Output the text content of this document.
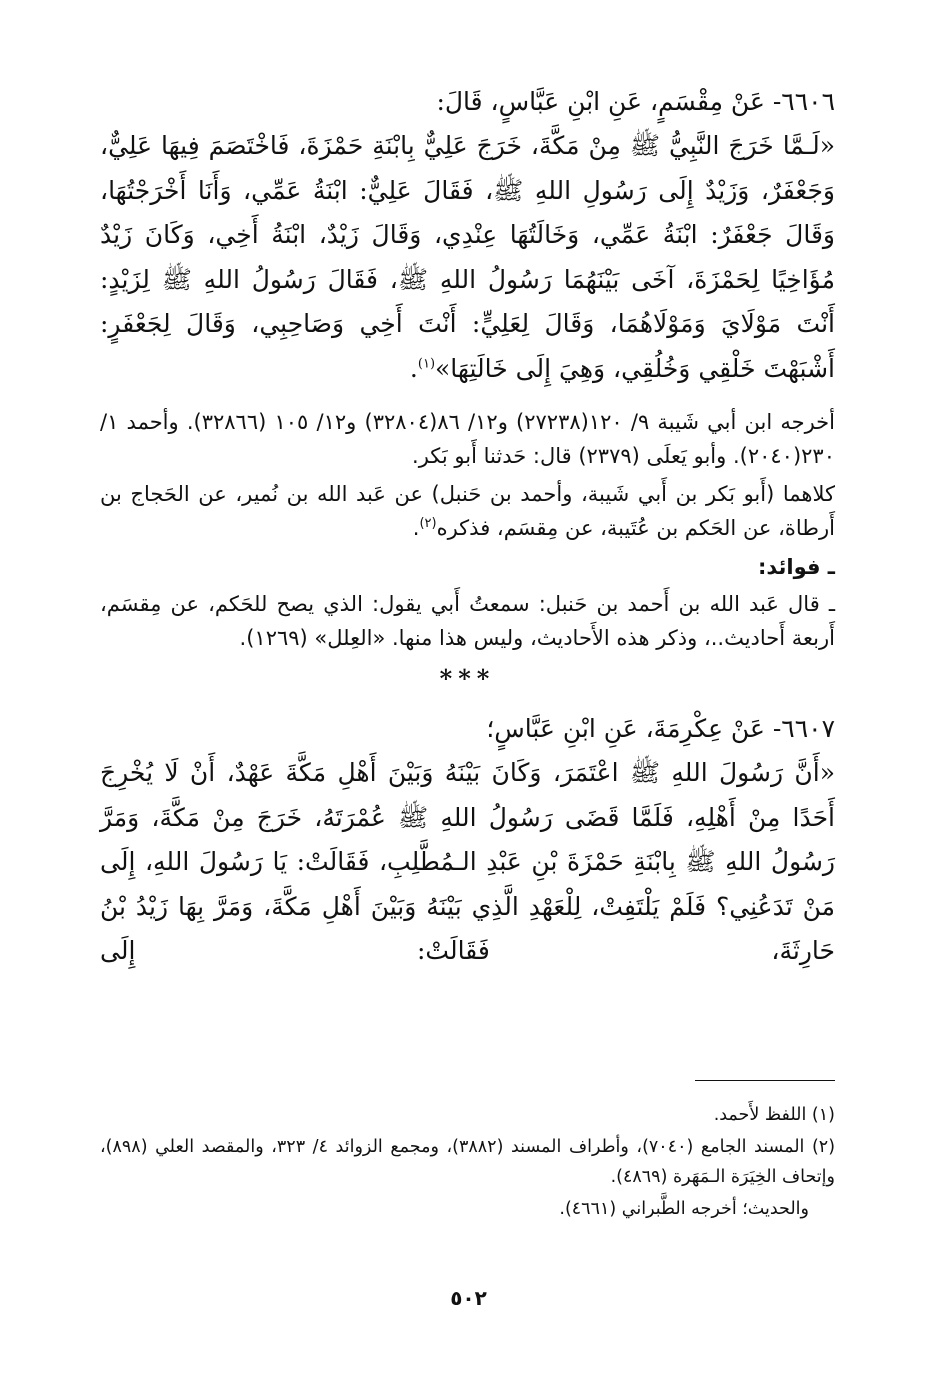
٦٦٠٦- عَنْ مِقْسَمٍ، عَنِ ابْنِ عَبَّاسٍ، قَالَ:

«لَـمَّا خَرَجَ النَّبِيُّ ﷺ مِنْ مَكَّةَ، خَرَجَ عَلِيٌّ بِابْنَةِ حَمْزَةَ، فَاخْتَصَمَ فِيهَا عَلِيٌّ، وَجَعْفَرٌ، وَزَيْدٌ إِلَى رَسُولِ اللهِ ﷺ، فَقَالَ عَلِيٌّ: ابْنَةُ عَمِّي، وَأَنَا أَخْرَجْتُهَا، وَقَالَ جَعْفَرٌ: ابْنَةُ عَمِّي، وَخَالَتُهَا عِنْدِي، وَقَالَ زَيْدٌ، ابْنَةُ أَخِي، وَكَانَ زَيْدٌ مُؤَاخِيًا لِحَمْزَةَ، آخَى بَيْنَهُمَا رَسُولُ اللهِ ﷺ، فَقَالَ رَسُولُ اللهِ ﷺ لِزَيْدٍ: أَنْتَ مَوْلَايَ وَمَوْلَاهُمَا، وَقَالَ لِعَلِيٍّ: أَنْتَ أَخِي وَصَاحِبِي، وَقَالَ لِجَعْفَرٍ: أَشْبَهْتَ خَلْقِي وَخُلُقِي، وَهِيَ إِلَى خَالَتِهَا»$^{(١)}$.

أخرجه ابن أبي شَيبة ٩/ ١٢٠(٢٧٢٣٨) و١٢/ ٨٦(٣٢٨٠٤) و١٢/ ١٠٥ (٣٢٨٦٦). وأحمد ١/ ٢٣٠(٢٠٤٠). وأبو يَعلَى (٢٣٧٩) قال: حَدثنا أَبو بَكر.

كلاهما (أَبو بَكر بن أَبي شَيبة، وأحمد بن حَنبل) عن عَبد الله بن نُمير، عن الحَجاج بن أَرطاة، عن الحَكم بن عُتَيبة، عن مِقسَم، فذكره$^{(٢)}$.

ـ فوائد:

ـ قال عَبد الله بن أَحمد بن حَنبل: سمعتُ أَبي يقول: الذي يصح للحَكم، عن مِقسَم، أَربعة أَحاديث..، وذكر هذه الأَحاديث، وليس هذا منها. «العِلل» (١٢٦٩).

***

٦٦٠٧- عَنْ عِكْرِمَةَ، عَنِ ابْنِ عَبَّاسٍ؛

«أَنَّ رَسُولَ اللهِ ﷺ اعْتَمَرَ، وَكَانَ بَيْنَهُ وَبَيْنَ أَهْلِ مَكَّةَ عَهْدٌ، أَنْ لَا يُخْرِجَ أَحَدًا مِنْ أَهْلِهِ، فَلَمَّا قَضَى رَسُولُ اللهِ ﷺ عُمْرَتَهُ، خَرَجَ مِنْ مَكَّةَ، وَمَرَّ رَسُولُ اللهِ ﷺ بِابْنَةِ حَمْزَةَ بْنِ عَبْدِ الـمُطَّلِبِ، فَقَالَتْ: يَا رَسُولَ اللهِ، إِلَى مَنْ تَدَعُنِي؟ فَلَمْ يَلْتَفِتْ، لِلْعَهْدِ الَّذِي بَيْنَهُ وَبَيْنَ أَهْلِ مَكَّةَ، وَمَرَّ بِهَا زَيْدُ بْنُ حَارِثَةَ، فَقَالَتْ: إِلَى

(١) اللفظ لأَحمد.

(٢) المسند الجامع (٧٠٤٠)، وأطراف المسند (٣٨٨٢)، ومجمع الزوائد ٤/ ٣٢٣، والمقصد العلي (٨٩٨)، وإتحاف الخِيَرَة الـمَهَرة (٤٨٦٩).

والحديث؛ أخرجه الطَّبراني (٤٦٦١).

٥٠٢
